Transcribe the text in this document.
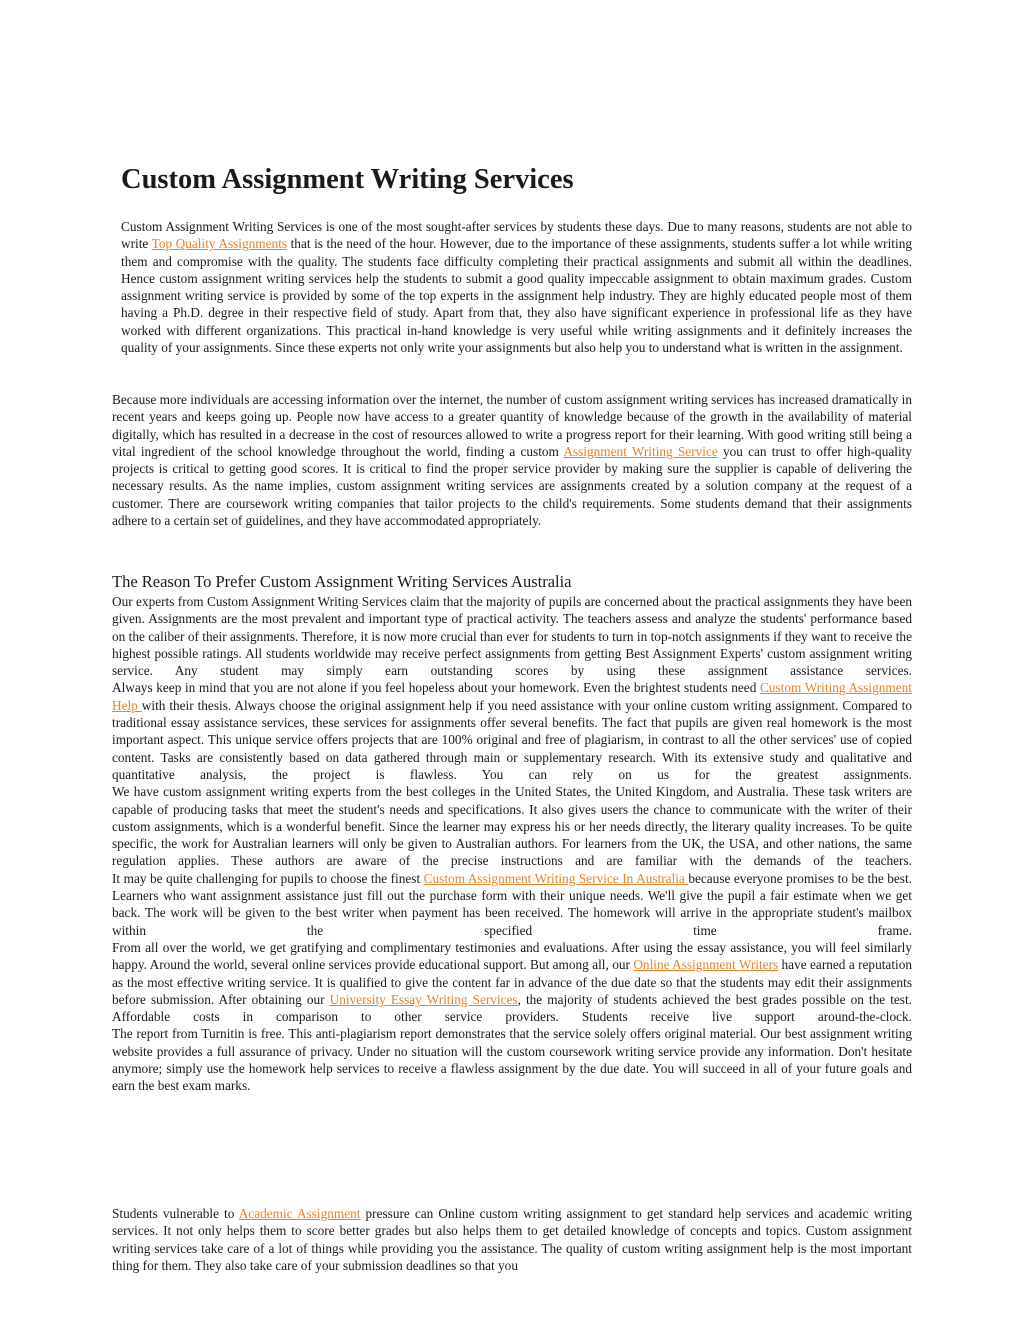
Custom Assignment Writing Services

Custom Assignment Writing Services is one of the most sought-after services by students these days. Due to many reasons, students are not able to write Top Quality Assignments that is the need of the hour. However, due to the importance of these assignments, students suffer a lot while writing them and compromise with the quality. The students face difficulty completing their practical assignments and submit all within the deadlines. Hence custom assignment writing services help the students to submit a good quality impeccable assignment to obtain maximum grades. Custom assignment writing service is provided by some of the top experts in the assignment help industry. They are highly educated people most of them having a Ph.D. degree in their respective field of study. Apart from that, they also have significant experience in professional life as they have worked with different organizations. This practical in-hand knowledge is very useful while writing assignments and it definitely increases the quality of your assignments. Since these experts not only write your assignments but also help you to understand what is written in the assignment.

Because more individuals are accessing information over the internet, the number of custom assignment writing services has increased dramatically in recent years and keeps going up. People now have access to a greater quantity of knowledge because of the growth in the availability of material digitally, which has resulted in a decrease in the cost of resources allowed to write a progress report for their learning. With good writing still being a vital ingredient of the school knowledge throughout the world, finding a custom Assignment Writing Service you can trust to offer high-quality projects is critical to getting good scores. It is critical to find the proper service provider by making sure the supplier is capable of delivering the necessary results. As the name implies, custom assignment writing services are assignments created by a solution company at the request of a customer. There are coursework writing companies that tailor projects to the child's requirements. Some students demand that their assignments adhere to a certain set of guidelines, and they have accommodated appropriately.

The Reason To Prefer Custom Assignment Writing Services Australia

Our experts from Custom Assignment Writing Services claim that the majority of pupils are concerned about the practical assignments they have been given. Assignments are the most prevalent and important type of practical activity. The teachers assess and analyze the students' performance based on the caliber of their assignments. Therefore, it is now more crucial than ever for students to turn in top-notch assignments if they want to receive the highest possible ratings. All students worldwide may receive perfect assignments from getting Best Assignment Experts' custom assignment writing service. Any student may simply earn outstanding scores by using these assignment assistance services.

Always keep in mind that you are not alone if you feel hopeless about your homework. Even the brightest students need Custom Writing Assignment Help with their thesis. Always choose the original assignment help if you need assistance with your online custom writing assignment. Compared to traditional essay assistance services, these services for assignments offer several benefits. The fact that pupils are given real homework is the most important aspect. This unique service offers projects that are 100% original and free of plagiarism, in contrast to all the other services' use of copied content. Tasks are consistently based on data gathered through main or supplementary research. With its extensive study and qualitative and quantitative analysis, the project is flawless. You can rely on us for the greatest assignments.

We have custom assignment writing experts from the best colleges in the United States, the United Kingdom, and Australia. These task writers are capable of producing tasks that meet the student's needs and specifications. It also gives users the chance to communicate with the writer of their custom assignments, which is a wonderful benefit. Since the learner may express his or her needs directly, the literary quality increases. To be quite specific, the work for Australian learners will only be given to Australian authors. For learners from the UK, the USA, and other nations, the same regulation applies. These authors are aware of the precise instructions and are familiar with the demands of the teachers.

It may be quite challenging for pupils to choose the finest Custom Assignment Writing Service In Australia because everyone promises to be the best.

Learners who want assignment assistance just fill out the purchase form with their unique needs. We'll give the pupil a fair estimate when we get back. The work will be given to the best writer when payment has been received. The homework will arrive in the appropriate student's mailbox within the specified time frame.

From all over the world, we get gratifying and complimentary testimonies and evaluations. After using the essay assistance, you will feel similarly happy. Around the world, several online services provide educational support. But among all, our Online Assignment Writers have earned a reputation as the most effective writing service. It is qualified to give the content far in advance of the due date so that the students may edit their assignments before submission. After obtaining our University Essay Writing Services, the majority of students achieved the best grades possible on the test. Affordable costs in comparison to other service providers. Students receive live support around-the-clock.

The report from Turnitin is free. This anti-plagiarism report demonstrates that the service solely offers original material. Our best assignment writing website provides a full assurance of privacy. Under no situation will the custom coursework writing service provide any information. Don't hesitate anymore; simply use the homework help services to receive a flawless assignment by the due date. You will succeed in all of your future goals and earn the best exam marks.

Students vulnerable to Academic Assignment pressure can Online custom writing assignment to get standard help services and academic writing services. It not only helps them to score better grades but also helps them to get detailed knowledge of concepts and topics. Custom assignment writing services take care of a lot of things while providing you the assistance. The quality of custom writing assignment help is the most important thing for them. They also take care of your submission deadlines so that you
